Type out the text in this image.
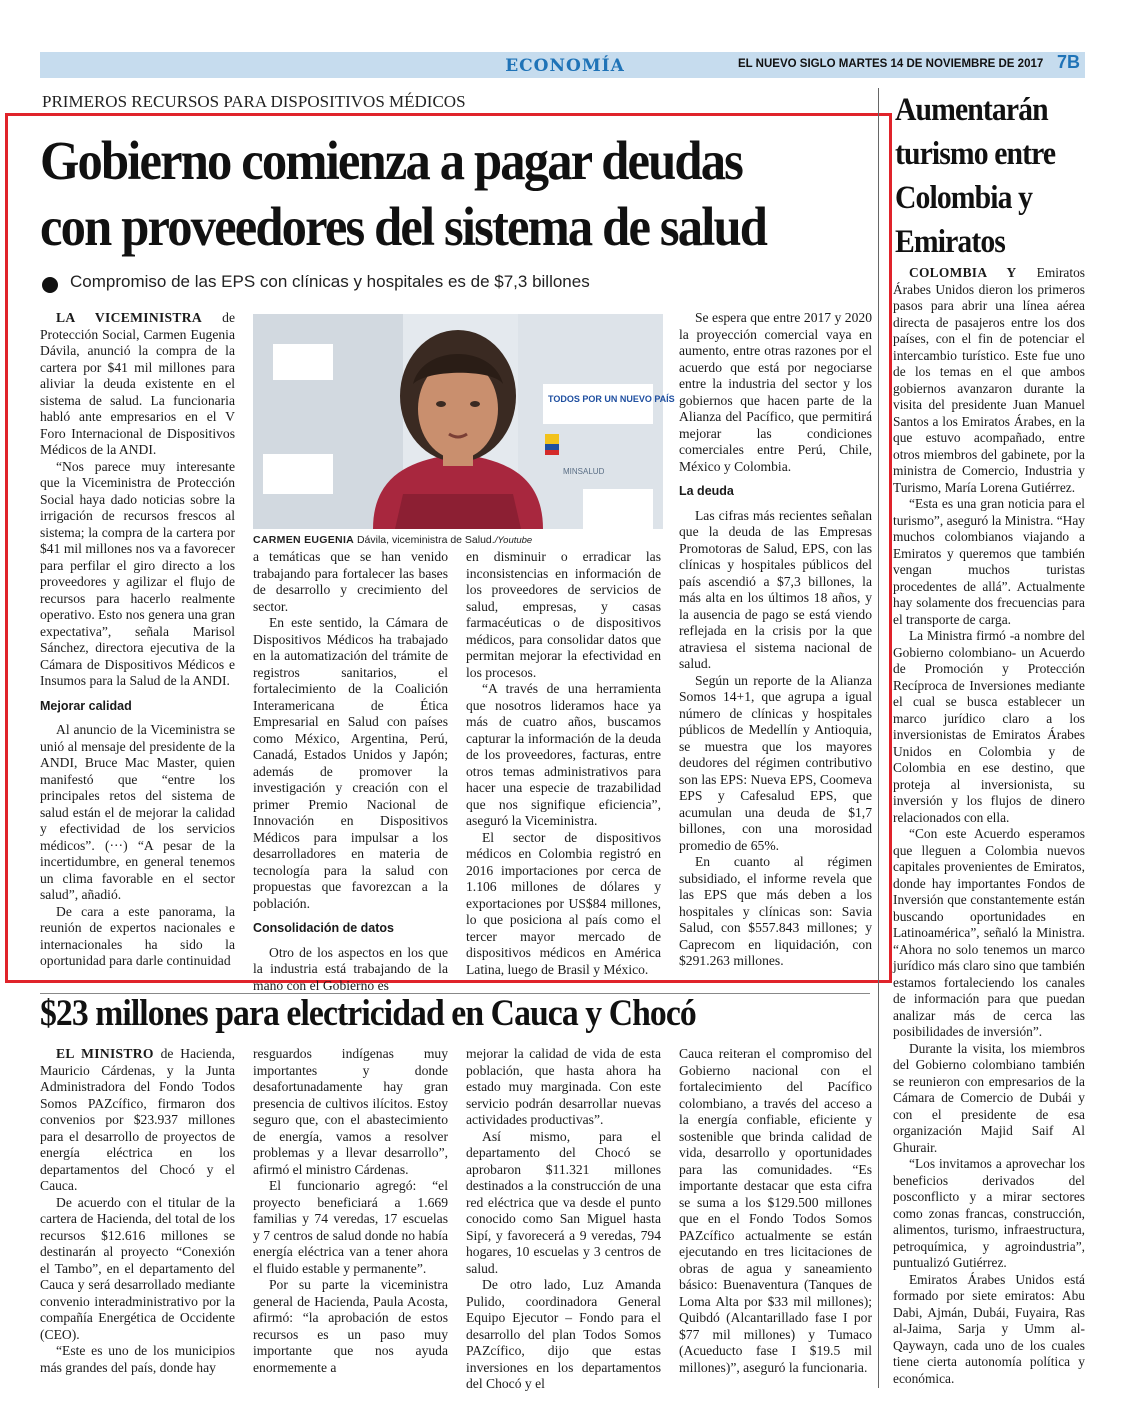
ECONOMÍA	EL NUEVO SIGLO MARTES 14 DE NOVIEMBRE DE 2017 7B
PRIMEROS RECURSOS PARA DISPOSITIVOS MÉDICOS
Gobierno comienza a pagar deudas con proveedores del sistema de salud
Compromiso de las EPS con clínicas y hospitales es de $7,3 billones

LA VICEMINISTRA de Protección Social, Carmen Eugenia Dávila, anunció la compra de la cartera por $41 mil millones para aliviar la deuda existente en el sistema de salud. La funcionaria habló ante empresarios en el V Foro Internacional de Dispositivos Médicos de la ANDI.

“Nos parece muy interesante que la Viceministra de Protección Social haya dado noticias sobre la irrigación de recursos frescos al sistema; la compra de la cartera por $41 mil millones nos va a favorecer para perfilar el giro directo a los proveedores y agilizar el flujo de recursos para hacerlo realmente operativo. Esto nos genera una gran expectativa”, señala Marisol Sánchez, directora ejecutiva de la Cámara de Dispositivos Médicos e Insumos para la Salud de la ANDI.

Mejorar calidad

Al anuncio de la Viceministra se unió al mensaje del presidente de la ANDI, Bruce Mac Master, quien manifestó que “entre los principales retos del sistema de salud están el de mejorar la calidad y efectividad de los servicios médicos”. (···) “A pesar de la incertidumbre, en general tenemos un clima favorable en el sector salud”, añadió.

De cara a este panorama, la reunión de expertos nacionales e internacionales ha sido la oportunidad para darle continuidad

TODOS POR UN NUEVO PAÍS
MINSALUD
CARMEN EUGENIA Dávila, viceministra de Salud./Youtube

a temáticas que se han venido trabajando para fortalecer las bases de desarrollo y crecimiento del sector.

En este sentido, la Cámara de Dispositivos Médicos ha trabajado en la automatización del trámite de registros sanitarios, el fortalecimiento de la Coalición Interamericana de Ética Empresarial en Salud con países como México, Argentina, Perú, Canadá, Estados Unidos y Japón; además de promover la investigación y creación con el primer Premio Nacional de Innovación en Dispositivos Médicos para impulsar a los desarrolladores en materia de tecnología para la salud con propuestas que favorezcan a la población.

Consolidación de datos

Otro de los aspectos en los que la industria está trabajando de la mano con el Gobierno es

en disminuir o erradicar las inconsistencias en información de los proveedores de servicios de salud, empresas, y casas farmacéuticas o de dispositivos médicos, para consolidar datos que permitan mejorar la efectividad en los procesos.

“A través de una herramienta que nosotros lideramos hace ya más de cuatro años, buscamos capturar la información de la deuda de los proveedores, facturas, entre otros temas administrativos para hacer una especie de trazabilidad que nos signifique eficiencia”, aseguró la Viceministra.

El sector de dispositivos médicos en Colombia registró en 2016 importaciones por cerca de 1.106 millones de dólares y exportaciones por US$84 millones, lo que posiciona al país como el tercer mayor mercado de dispositivos médicos en América Latina, luego de Brasil y México.

Se espera que entre 2017 y 2020 la proyección comercial vaya en aumento, entre otras razones por el acuerdo que está por negociarse entre la industria del sector y los gobiernos que hacen parte de la Alianza del Pacífico, que permitirá mejorar las condiciones comerciales entre Perú, Chile, México y Colombia.

La deuda

Las cifras más recientes señalan que la deuda de las Empresas Promotoras de Salud, EPS, con las clínicas y hospitales públicos del país ascendió a $7,3 billones, la más alta en los últimos 18 años, y la ausencia de pago se está viendo reflejada en la crisis por la que atraviesa el sistema nacional de salud.

Según un reporte de la Alianza Somos 14+1, que agrupa a igual número de clínicas y hospitales públicos de Medellín y Antioquia, se muestra que los mayores deudores del régimen contributivo son las EPS: Nueva EPS, Coomeva EPS y Cafesalud EPS, que acumulan una deuda de $1,7 billones, con una morosidad promedio de 65%.

En cuanto al régimen subsidiado, el informe revela que las EPS que más deben a los hospitales y clínicas son: Savia Salud, con $557.843 millones; y Caprecom en liquidación, con $291.263 millones.

Aumentarán turismo entre Colombia y Emiratos

COLOMBIA Y Emiratos Árabes Unidos dieron los primeros pasos para abrir una línea aérea directa de pasajeros entre los dos países, con el fin de potenciar el intercambio turístico. Este fue uno de los temas en el que ambos gobiernos avanzaron durante la visita del presidente Juan Manuel Santos a los Emiratos Árabes, en la que estuvo acompañado, entre otros miembros del gabinete, por la ministra de Comercio, Industria y Turismo, María Lorena Gutiérrez.

“Esta es una gran noticia para el turismo”, aseguró la Ministra. “Hay muchos colombianos viajando a Emiratos y queremos que también vengan muchos turistas procedentes de allá”. Actualmente hay solamente dos frecuencias para el transporte de carga.

La Ministra firmó -a nombre del Gobierno colombiano- un Acuerdo de Promoción y Protección Recíproca de Inversiones mediante el cual se busca establecer un marco jurídico claro a los inversionistas de Emiratos Árabes Unidos en Colombia y de Colombia en ese destino, que proteja al inversionista, su inversión y los flujos de dinero relacionados con ella.

“Con este Acuerdo esperamos que lleguen a Colombia nuevos capitales provenientes de Emiratos, donde hay importantes Fondos de Inversión que constantemente están buscando oportunidades en Latinoamérica”, señaló la Ministra. “Ahora no solo tenemos un marco jurídico más claro sino que también estamos fortaleciendo los canales de información para que puedan analizar más de cerca las posibilidades de inversión”.

Durante la visita, los miembros del Gobierno colombiano también se reunieron con empresarios de la Cámara de Comercio de Dubái y con el presidente de esa organización Majid Saif Al Ghurair.

“Los invitamos a aprovechar los beneficios derivados del posconflicto y a mirar sectores como zonas francas, construcción, alimentos, turismo, infraestructura, petroquímica, y agroindustria”, puntualizó Gutiérrez.

Emiratos Árabes Unidos está formado por siete emiratos: Abu Dabi, Ajmán, Dubái, Fuyaira, Ras al-Jaima, Sarja y Umm al-Qaywayn, cada uno de los cuales tiene cierta autonomía política y económica.

$23 millones para electricidad en Cauca y Chocó

EL MINISTRO de Hacienda, Mauricio Cárdenas, y la Junta Administradora del Fondo Todos Somos PAZcífico, firmaron dos convenios por $23.937 millones para el desarrollo de proyectos de energía eléctrica en los departamentos del Chocó y el Cauca.

De acuerdo con el titular de la cartera de Hacienda, del total de los recursos $12.616 millones se destinarán al proyecto “Conexión el Tambo”, en el departamento del Cauca y será desarrollado mediante convenio interadministrativo por la compañía Energética de Occidente (CEO).

“Este es uno de los municipios más grandes del país, donde hay

resguardos indígenas muy importantes y donde desafortunadamente hay gran presencia de cultivos ilícitos. Estoy seguro que, con el abastecimiento de energía, vamos a resolver problemas y a llevar desarrollo”, afirmó el ministro Cárdenas.

El funcionario agregó: “el proyecto beneficiará a 1.669 familias y 74 veredas, 17 escuelas y 7 centros de salud donde no había energía eléctrica van a tener ahora el fluido estable y permanente”.

Por su parte la viceministra general de Hacienda, Paula Acosta, afirmó: “la aprobación de estos recursos es un paso muy importante que nos ayuda enormemente a

mejorar la calidad de vida de esta población, que hasta ahora ha estado muy marginada. Con este servicio podrán desarrollar nuevas actividades productivas”.

Así mismo, para el departamento del Chocó se aprobaron $11.321 millones destinados a la construcción de una red eléctrica que va desde el punto conocido como San Miguel hasta Sipí, y favorecerá a 9 veredas, 794 hogares, 10 escuelas y 3 centros de salud.

De otro lado, Luz Amanda Pulido, coordinadora General Equipo Ejecutor – Fondo para el desarrollo del plan Todos Somos PAZcífico, dijo que estas inversiones en los departamentos del Chocó y el

Cauca reiteran el compromiso del Gobierno nacional con el fortalecimiento del Pacífico colombiano, a través del acceso a la energía confiable, eficiente y sostenible que brinda calidad de vida, desarrollo y oportunidades para las comunidades. “Es importante destacar que esta cifra se suma a los $129.500 millones que en el Fondo Todos Somos PAZcífico actualmente se están ejecutando en tres licitaciones de obras de agua y saneamiento básico: Buenaventura (Tanques de Loma Alta por $33 mil millones); Quibdó (Alcantarillado fase I por $77 mil millones) y Tumaco (Acueducto fase I $19.5 mil millones)”, aseguró la funcionaria.
